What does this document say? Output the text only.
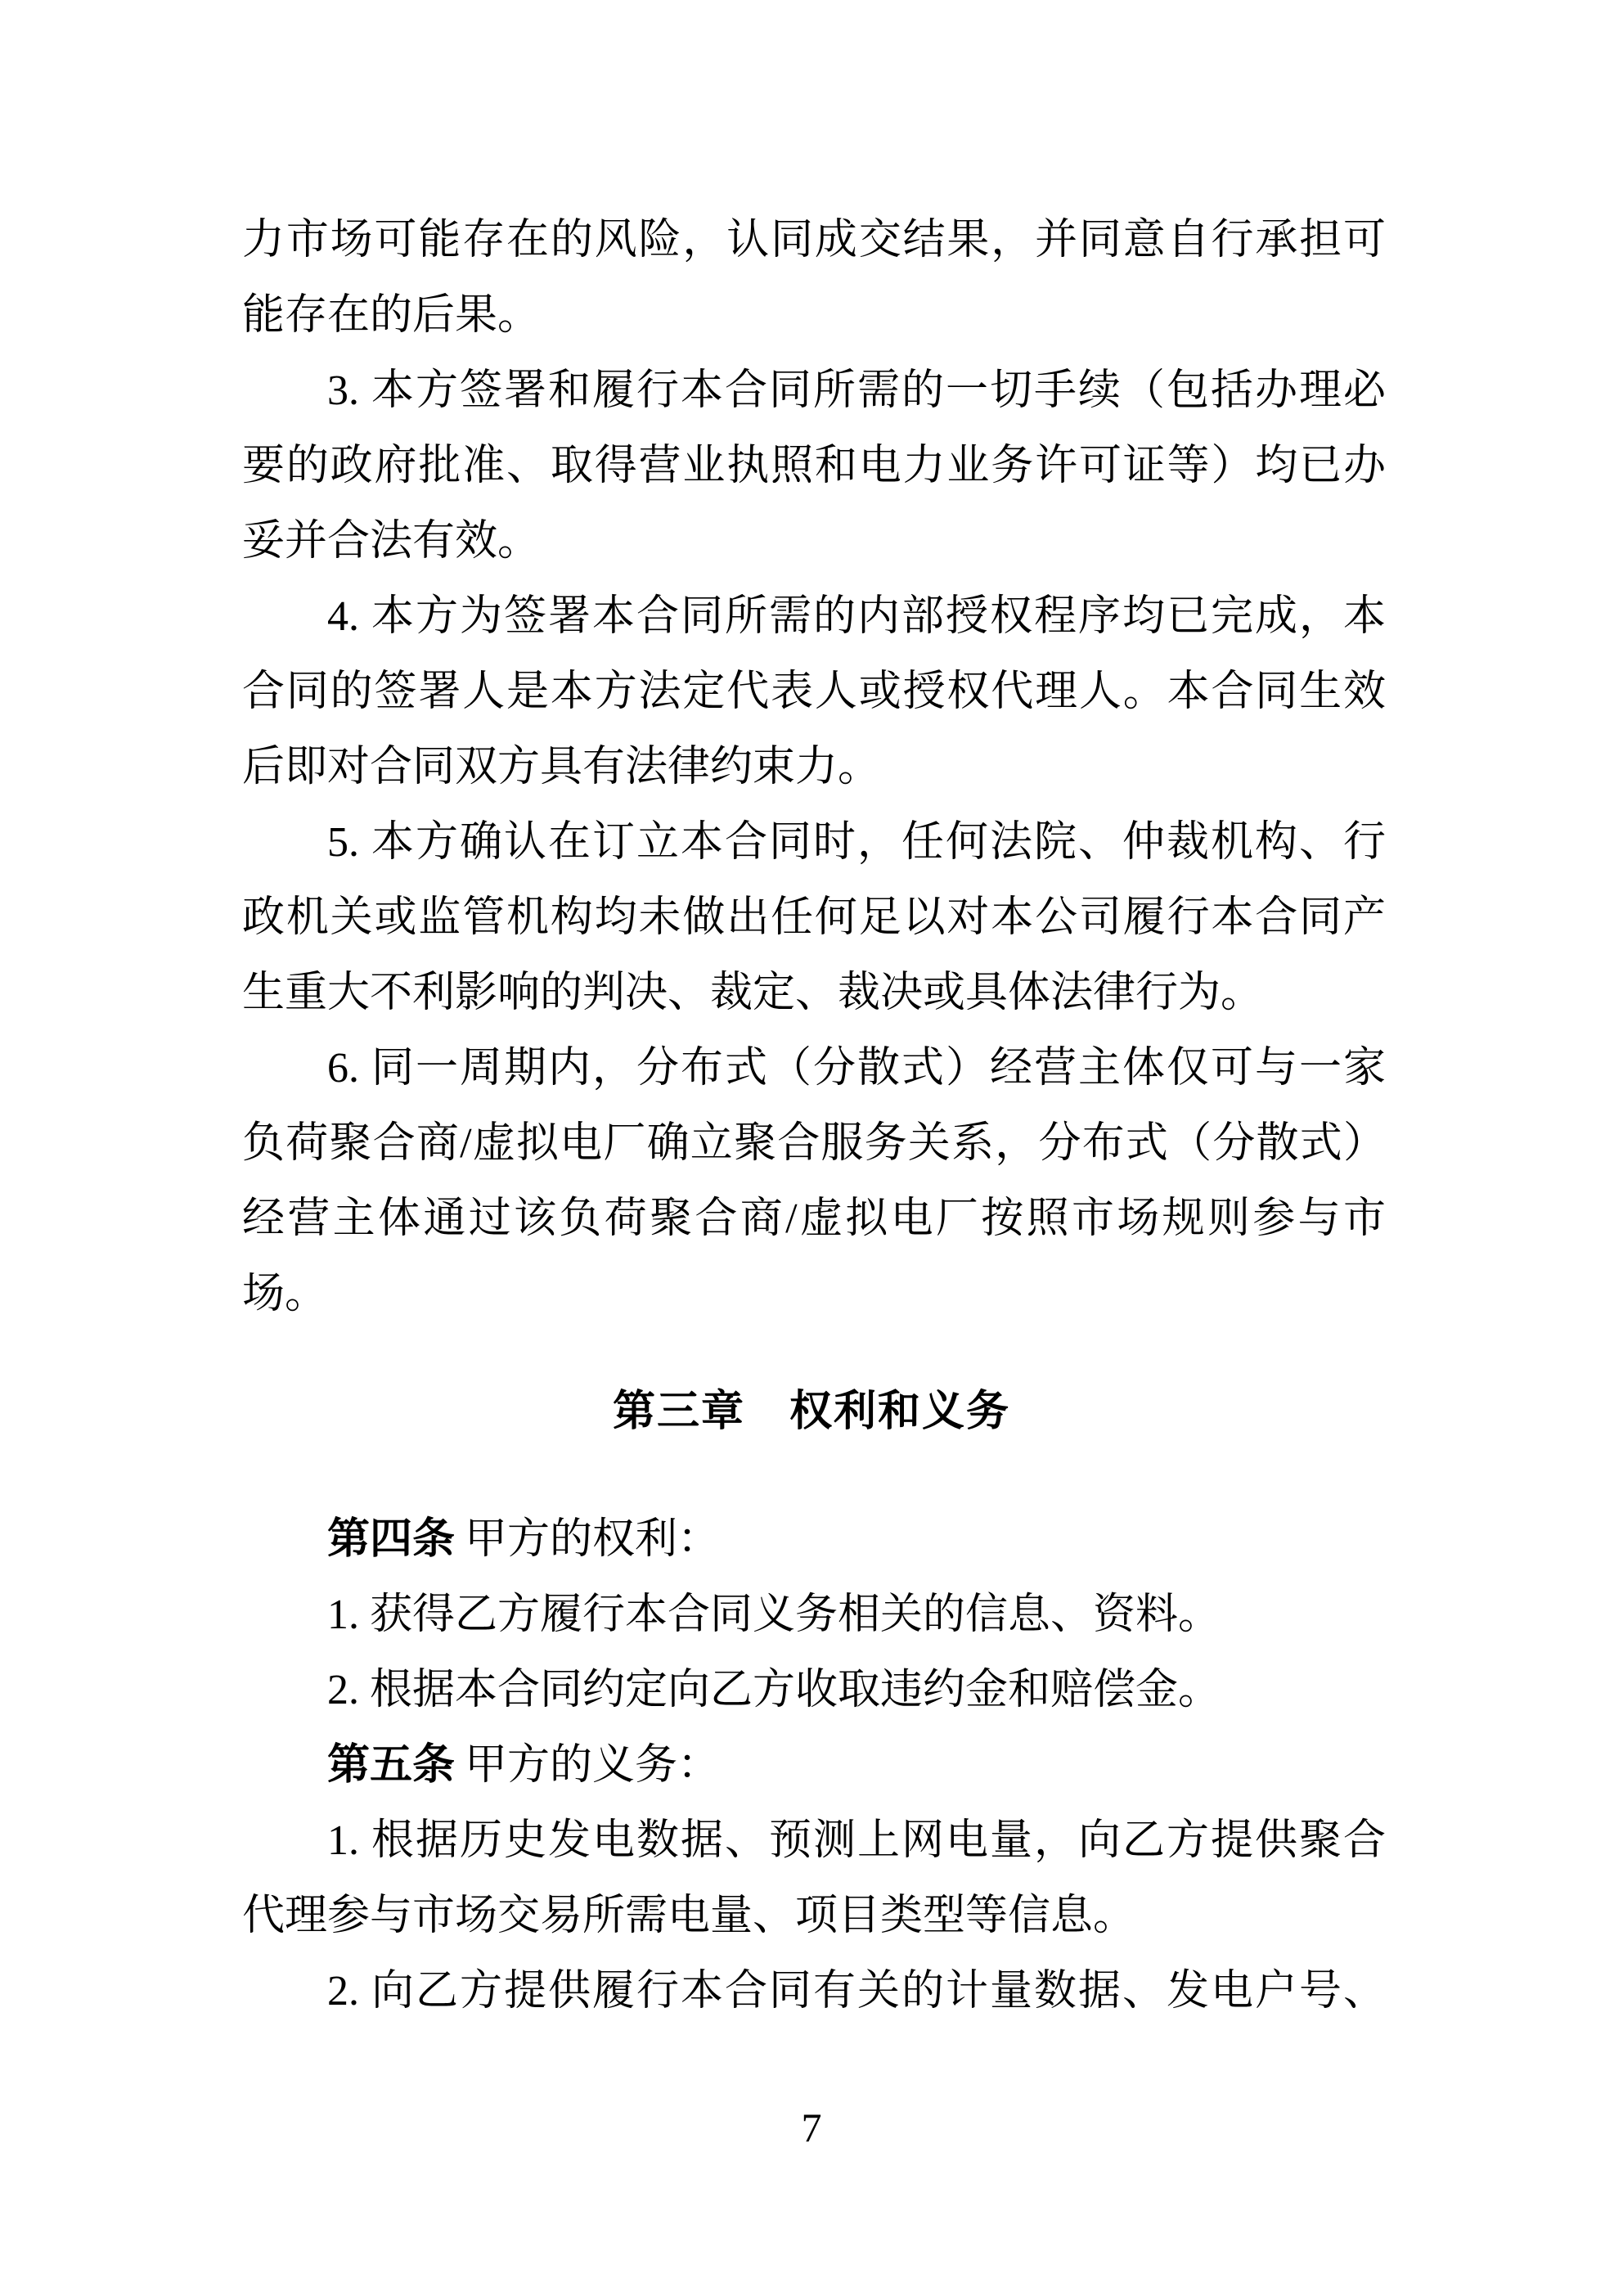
力市场可能存在的风险，认同成交结果，并同意自行承担可
能存在的后果。
3. 本方签署和履行本合同所需的一切手续（包括办理必
要的政府批准、取得营业执照和电力业务许可证等）均已办
妥并合法有效。
4. 本方为签署本合同所需的内部授权程序均已完成，本
合同的签署人是本方法定代表人或授权代理人。本合同生效
后即对合同双方具有法律约束力。
5. 本方确认在订立本合同时，任何法院、仲裁机构、行
政机关或监管机构均未做出任何足以对本公司履行本合同产
生重大不利影响的判决、裁定、裁决或具体法律行为。
6. 同一周期内，分布式（分散式）经营主体仅可与一家
负荷聚合商/虚拟电厂确立聚合服务关系，分布式（分散式）
经营主体通过该负荷聚合商/虚拟电厂按照市场规则参与市
场。
第三章　权利和义务
第四条 甲方的权利：
1. 获得乙方履行本合同义务相关的信息、资料。
2. 根据本合同约定向乙方收取违约金和赔偿金。
第五条 甲方的义务：
1. 根据历史发电数据、预测上网电量，向乙方提供聚合
代理参与市场交易所需电量、项目类型等信息。
2. 向乙方提供履行本合同有关的计量数据、发电户号、
7
